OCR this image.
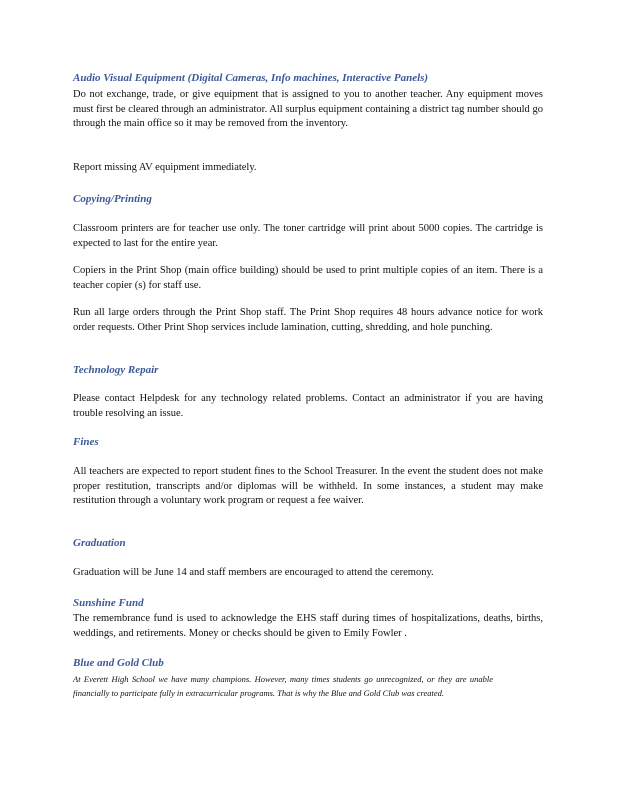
Audio Visual Equipment (Digital Cameras, Info machines, Interactive Panels)

Do not exchange, trade, or give equipment that is assigned to you to another teacher. Any equipment moves must first be cleared through an administrator. All surplus equipment containing a district tag number should go through the main office so it may be removed from the inventory.

Report missing AV equipment immediately.

Copying/Printing

Classroom printers are for teacher use only. The toner cartridge will print about 5000 copies. The cartridge is expected to last for the entire year.

Copiers in the Print Shop (main office building) should be used to print multiple copies of an item. There is a teacher copier (s) for staff use.

Run all large orders through the Print Shop staff. The Print Shop requires 48 hours advance notice for work order requests. Other Print Shop services include lamination, cutting, shredding, and hole punching.

Technology Repair

Please contact Helpdesk for any technology related problems. Contact an administrator if you are having trouble resolving an issue.

Fines

All teachers are expected to report student fines to the School Treasurer. In the event the student does not make proper restitution, transcripts and/or diplomas will be withheld. In some instances, a student may make restitution through a voluntary work program or request a fee waiver.

Graduation

Graduation will be June 14 and staff members are encouraged to attend the ceremony.

Sunshine Fund

The remembrance fund is used to acknowledge the EHS staff during times of hospitalizations, deaths, births, weddings, and retirements. Money or checks should be given to Emily Fowler .

Blue and Gold Club

At Everett High School we have many champions. However, many times students go unrecognized, or they are unable financially to participate fully in extracurricular programs. That is why the Blue and Gold Club was created.
